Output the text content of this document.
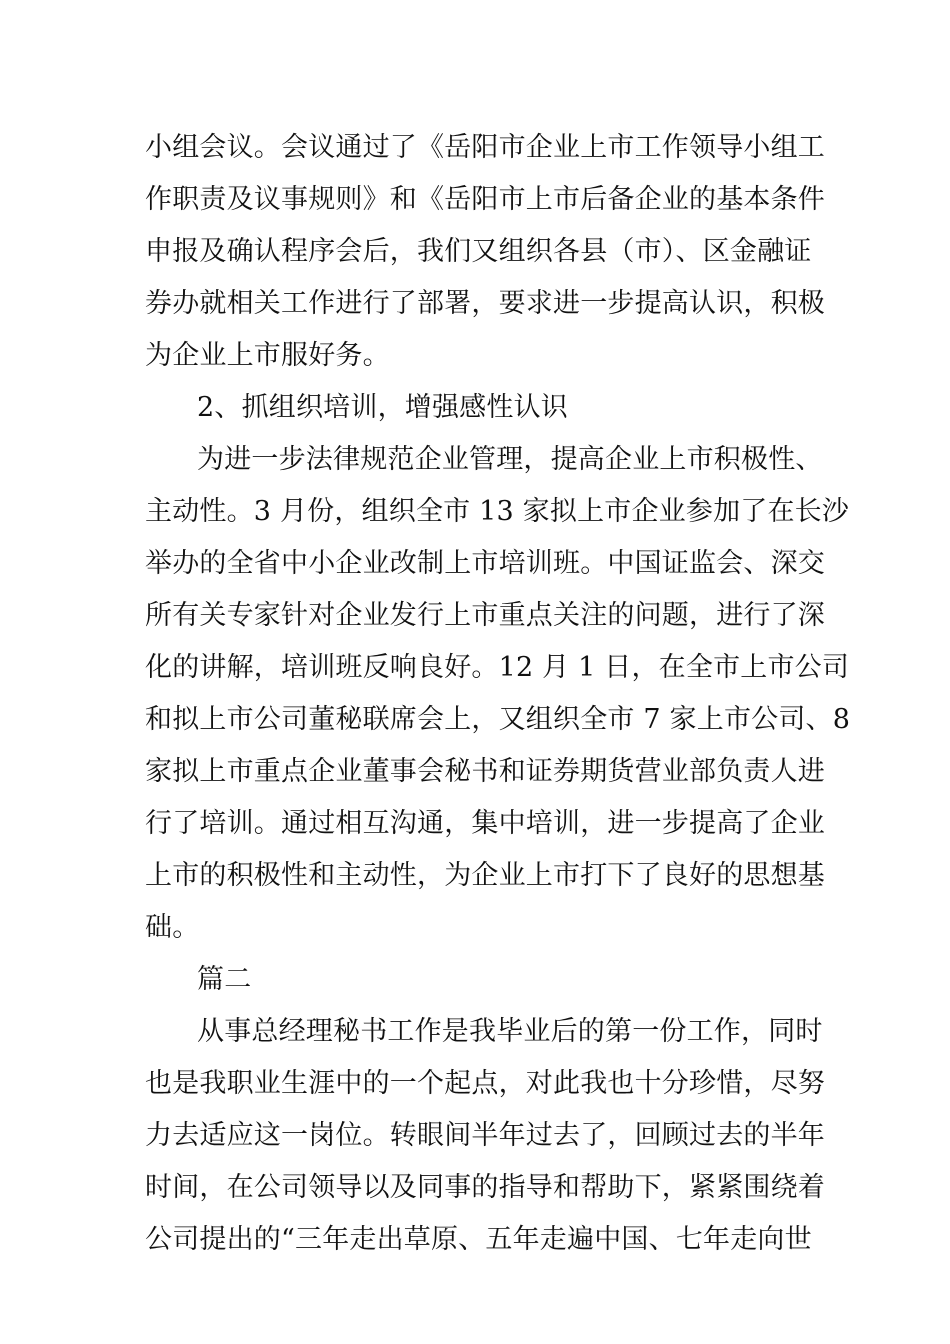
小组会议。会议通过了《岳阳市企业上市工作领导小组工
作职责及议事规则》和《岳阳市上市后备企业的基本条件
申报及确认程序会后，我们又组织各县（市）、区金融证
券办就相关工作进行了部署，要求进一步提高认识，积极
为企业上市服好务。
2、抓组织培训，增强感性认识
为进一步法律规范企业管理，提高企业上市积极性、
主动性。3 月份，组织全市 13 家拟上市企业参加了在长沙
举办的全省中小企业改制上市培训班。中国证监会、深交
所有关专家针对企业发行上市重点关注的问题，进行了深
化的讲解，培训班反响良好。12 月 1 日，在全市上市公司
和拟上市公司董秘联席会上，又组织全市 7 家上市公司、8
家拟上市重点企业董事会秘书和证券期货营业部负责人进
行了培训。通过相互沟通，集中培训，进一步提高了企业
上市的积极性和主动性，为企业上市打下了良好的思想基
础。
篇二
从事总经理秘书工作是我毕业后的第一份工作，同时
也是我职业生涯中的一个起点，对此我也十分珍惜，尽努
力去适应这一岗位。转眼间半年过去了，回顾过去的半年
时间，在公司领导以及同事的指导和帮助下，紧紧围绕着
公司提出的“三年走出草原、五年走遍中国、七年走向世
